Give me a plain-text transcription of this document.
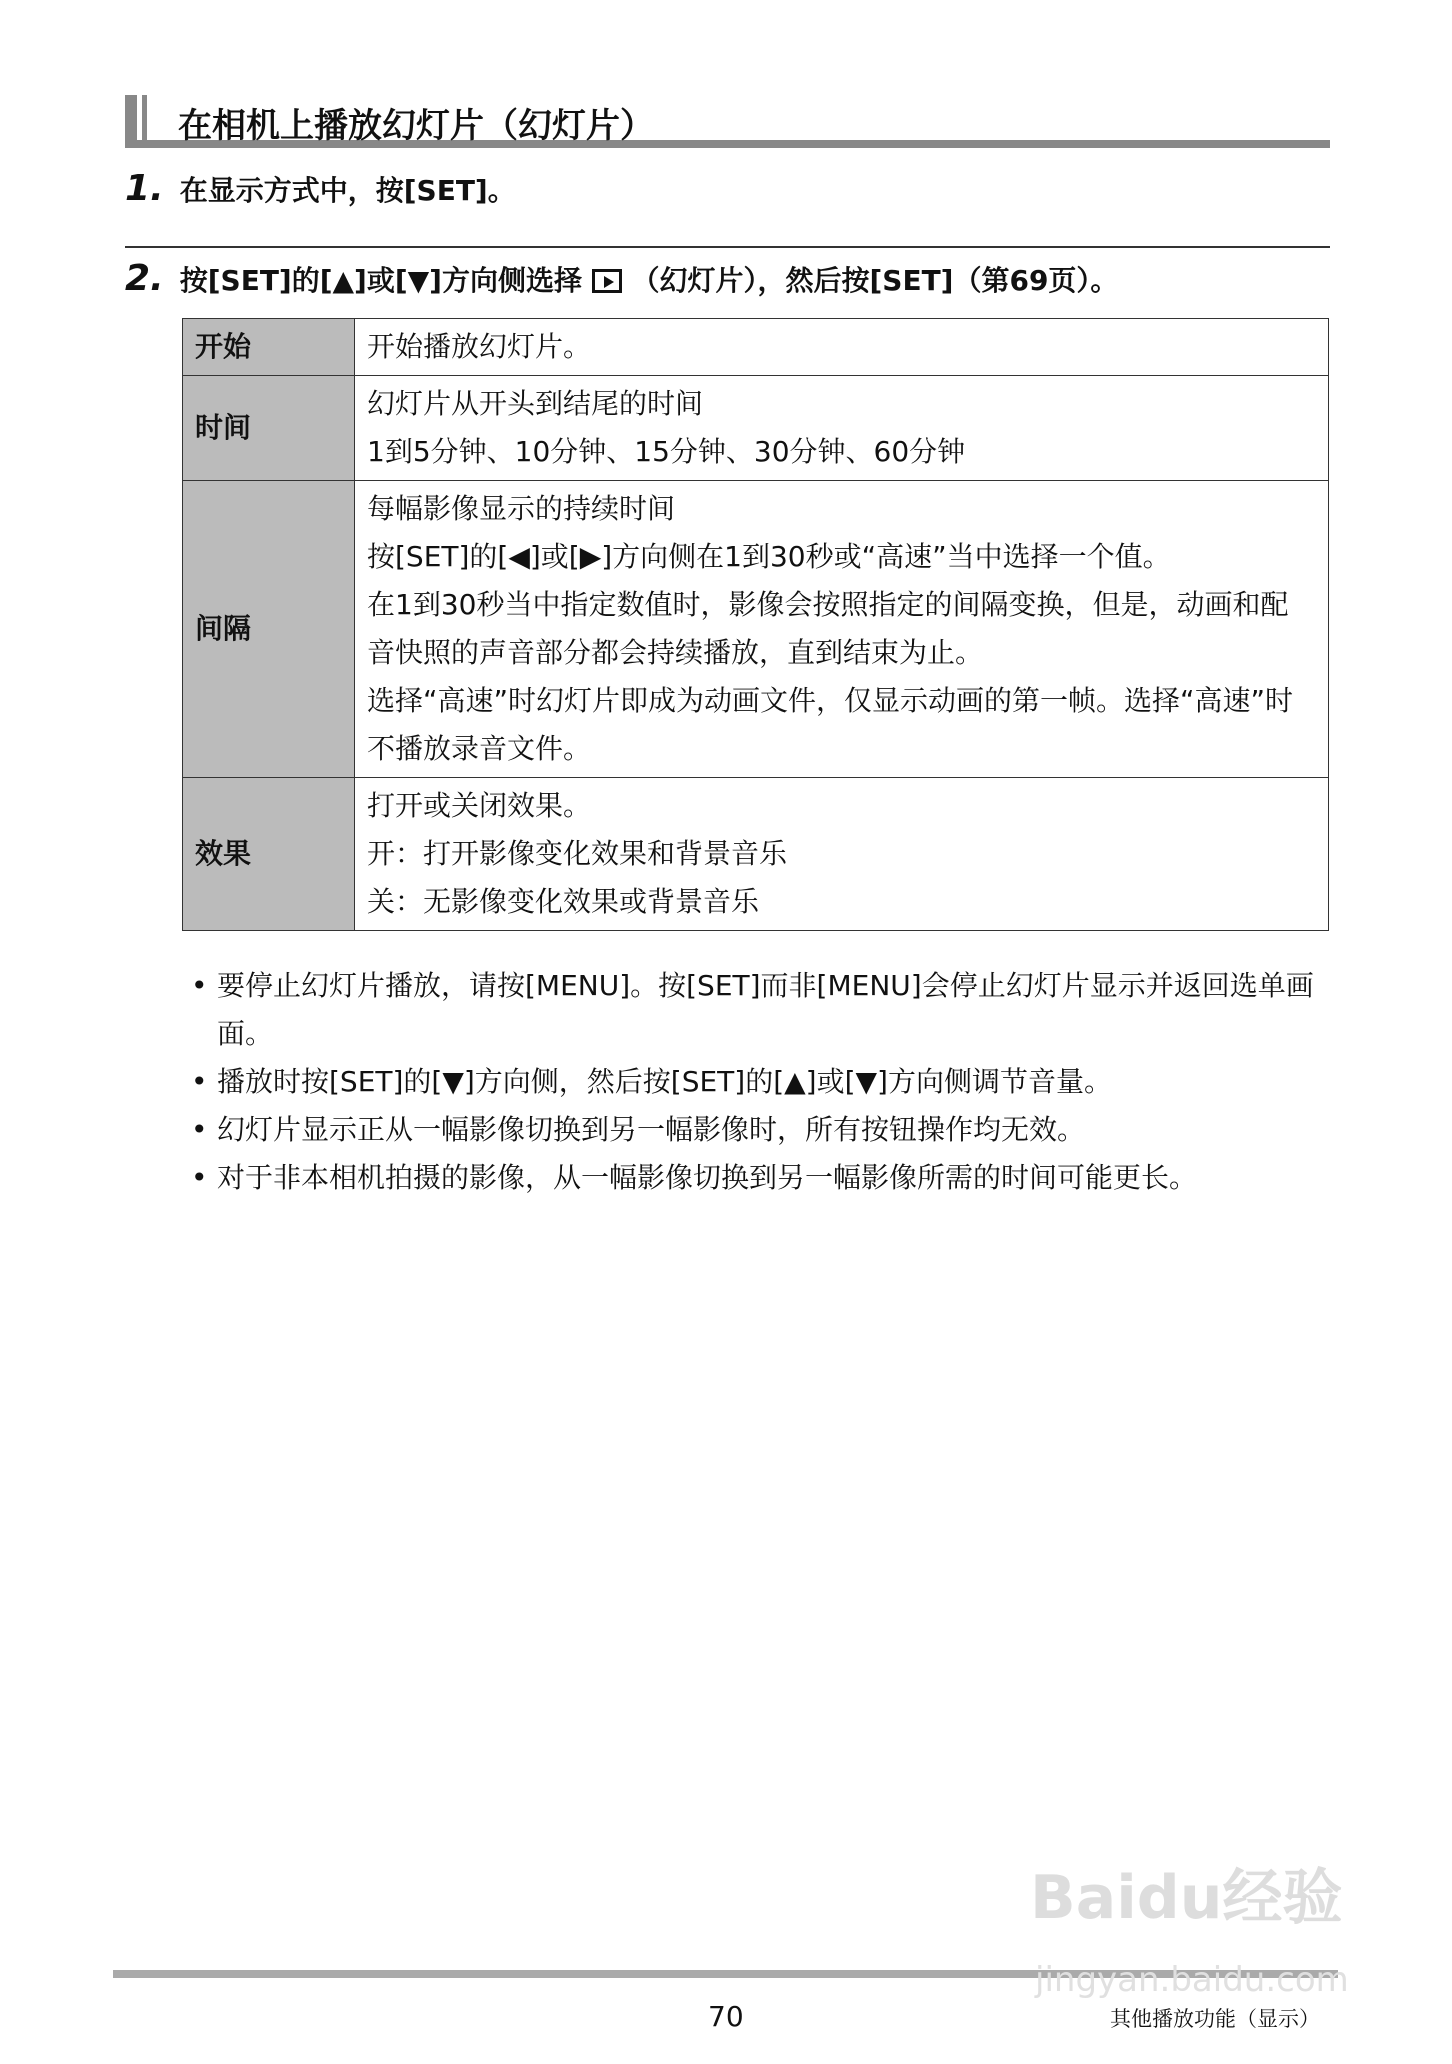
在相机上播放幻灯片（幻灯片）
1. 在显示方式中，按[SET]。
2. 按[SET]的[▲]或[▼]方向侧选择 （幻灯片），然后按[SET]（第69页）。
开始	开始播放幻灯片。

时间	幻灯片从开头到结尾的时间
1到5分钟、10分钟、15分钟、30分钟、60分钟

间隔	每幅影像显示的持续时间
按[SET]的[◀]或[▶]方向侧在1到30秒或“高速”当中选择一个值。
在1到30秒当中指定数值时，影像会按照指定的间隔变换，但是，动画和配音快照的声音部分都会持续播放，直到结束为止。
选择“高速”时幻灯片即成为动画文件，仅显示动画的第一帧。选择“高速”时不播放录音文件。

效果	打开或关闭效果。
开：打开影像变化效果和背景音乐
关：无影像变化效果或背景音乐
• 要停止幻灯片播放，请按[MENU]。按[SET]而非[MENU]会停止幻灯片显示并返回选单画面。
• 播放时按[SET]的[▼]方向侧，然后按[SET]的[▲]或[▼]方向侧调节音量。
• 幻灯片显示正从一幅影像切换到另一幅影像时，所有按钮操作均无效。
• 对于非本相机拍摄的影像，从一幅影像切换到另一幅影像所需的时间可能更长。
Baidu经验
jingyan.baidu.com
70	其他播放功能（显示）
